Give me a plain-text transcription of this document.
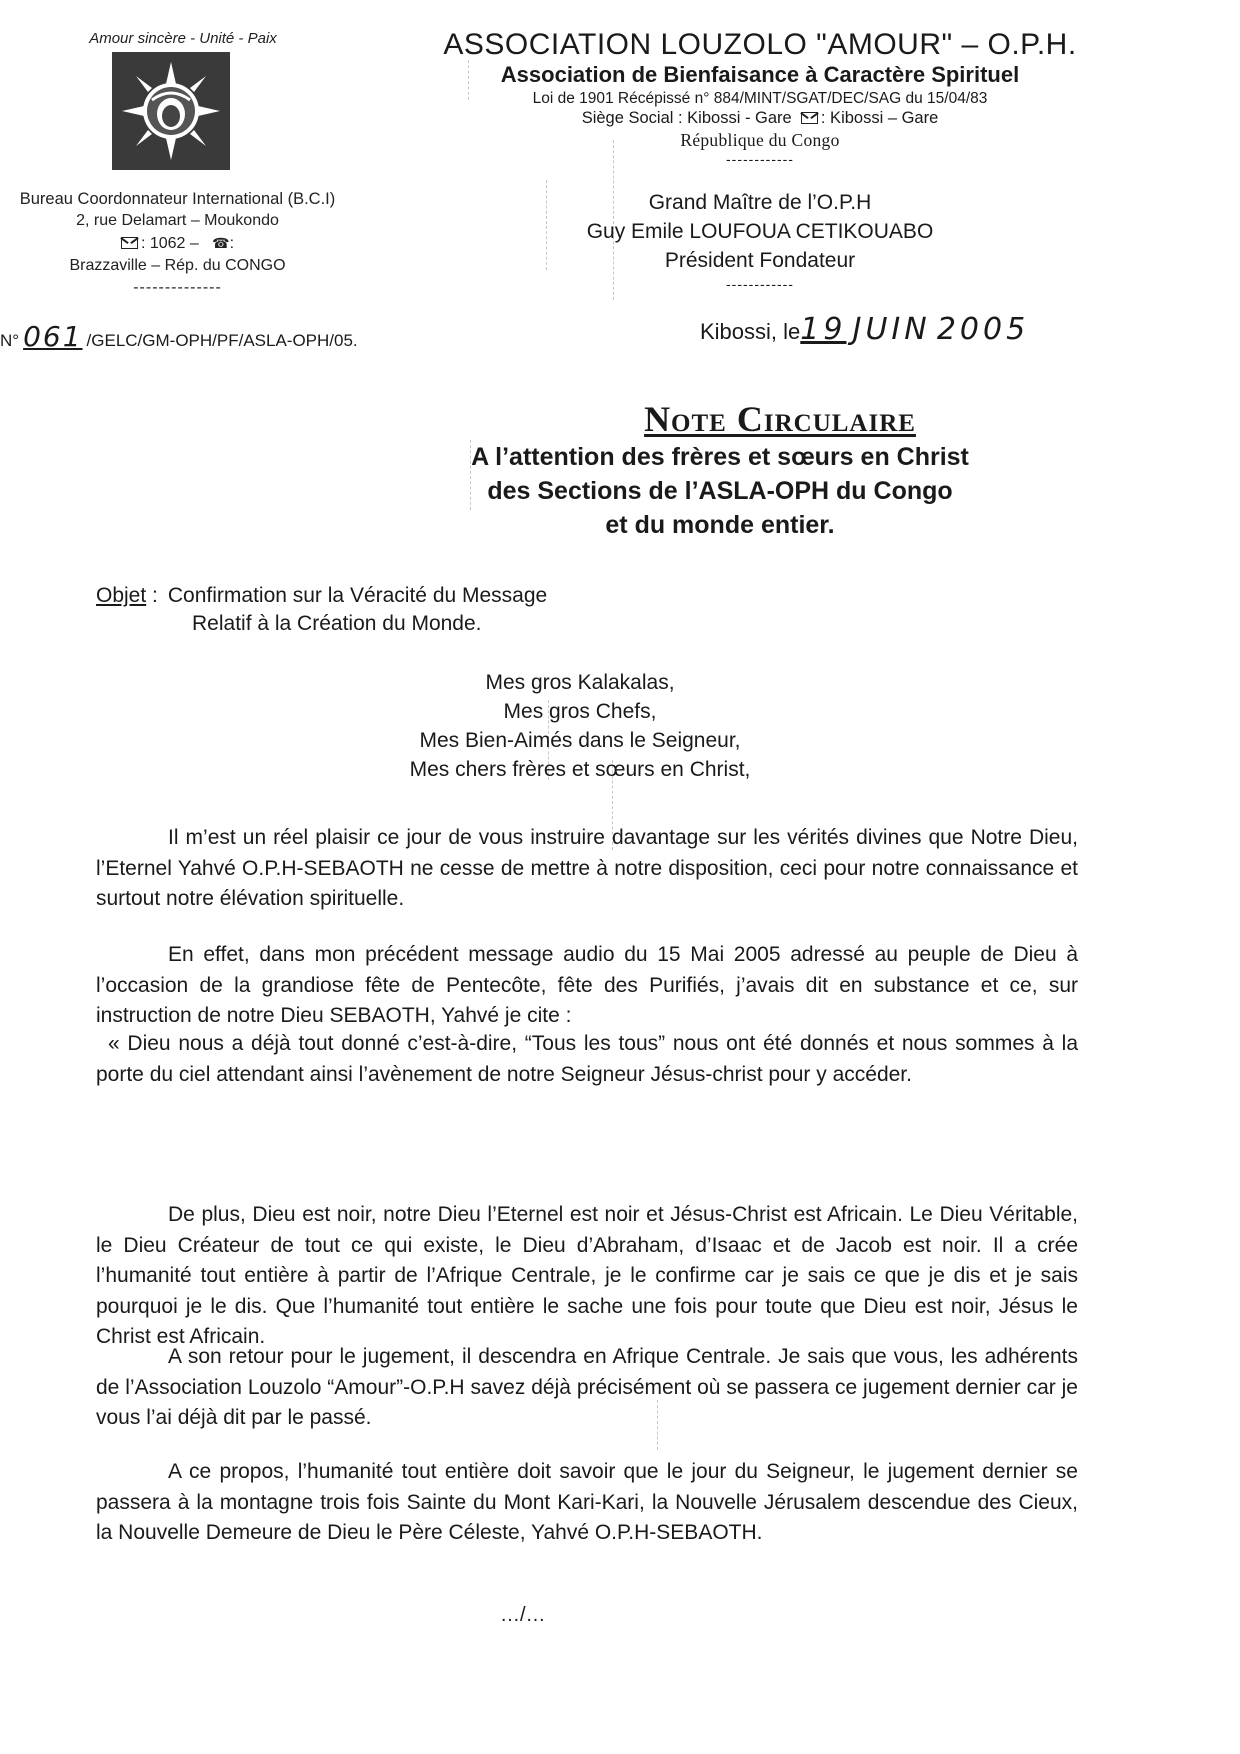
Amour sincère - Unité - Paix
Bureau Coordonnateur International (B.C.I)
2, rue Delamart – Moukondo
: 1062 – ☎:
Brazzaville – Rép. du CONGO
--------------
ASSOCIATION LOUZOLO "AMOUR" – O.P.H.
Association de Bienfaisance à Caractère Spirituel
Loi de 1901 Récépissé n° 884/MINT/SGAT/DEC/SAG du 15/04/83
Siège Social : Kibossi - Gare : Kibossi – Gare
République du Congo
------------
Grand Maître de l’O.P.H
Guy Emile LOUFOUA CETIKOUABO
Président Fondateur
------------
N° 061 /GELC/GM-OPH/PF/ASLA-OPH/05.	Kibossi, le19 JUIN 2005
Note Circulaire
A l’attention des frères et sœurs en Christ
des Sections de l’ASLA-OPH du Congo
et du monde entier.
Objet : Confirmation sur la Véracité du Message
Relatif à la Création du Monde.
Mes gros Kalakalas,
Mes gros Chefs,
Mes Bien-Aimés dans le Seigneur,
Mes chers frères et sœurs en Christ,

Il m’est un réel plaisir ce jour de vous instruire davantage sur les vérités divines que Notre Dieu, l’Eternel Yahvé O.P.H-SEBAOTH ne cesse de mettre à notre disposition, ceci pour notre connaissance et surtout notre élévation spirituelle.

En effet, dans mon précédent message audio du 15 Mai 2005 adressé au peuple de Dieu à l’occasion de la grandiose fête de Pentecôte, fête des Purifiés, j’avais dit en substance et ce, sur instruction de notre Dieu SEBAOTH, Yahvé je cite :

« Dieu nous a déjà tout donné c’est-à-dire, “Tous les tous” nous ont été donnés et nous sommes à la porte du ciel attendant ainsi l’avènement de notre Seigneur Jésus-christ pour y accéder.

De plus, Dieu est noir, notre Dieu l’Eternel est noir et Jésus-Christ est Africain. Le Dieu Véritable, le Dieu Créateur de tout ce qui existe, le Dieu d’Abraham, d’Isaac et de Jacob est noir. Il a crée l’humanité tout entière à partir de l’Afrique Centrale, je le confirme car je sais ce que je dis et je sais pourquoi je le dis. Que l’humanité tout entière le sache une fois pour toute que Dieu est noir, Jésus le Christ est Africain.

A son retour pour le jugement, il descendra en Afrique Centrale. Je sais que vous, les adhérents de l’Association Louzolo “Amour”-O.P.H savez déjà précisément où se passera ce jugement dernier car je vous l’ai déjà dit par le passé.

A ce propos, l’humanité tout entière doit savoir que le jour du Seigneur, le jugement dernier se passera à la montagne trois fois Sainte du Mont Kari-Kari, la Nouvelle Jérusalem descendue des Cieux, la Nouvelle Demeure de Dieu le Père Céleste, Yahvé O.P.H-SEBAOTH.

…/…
